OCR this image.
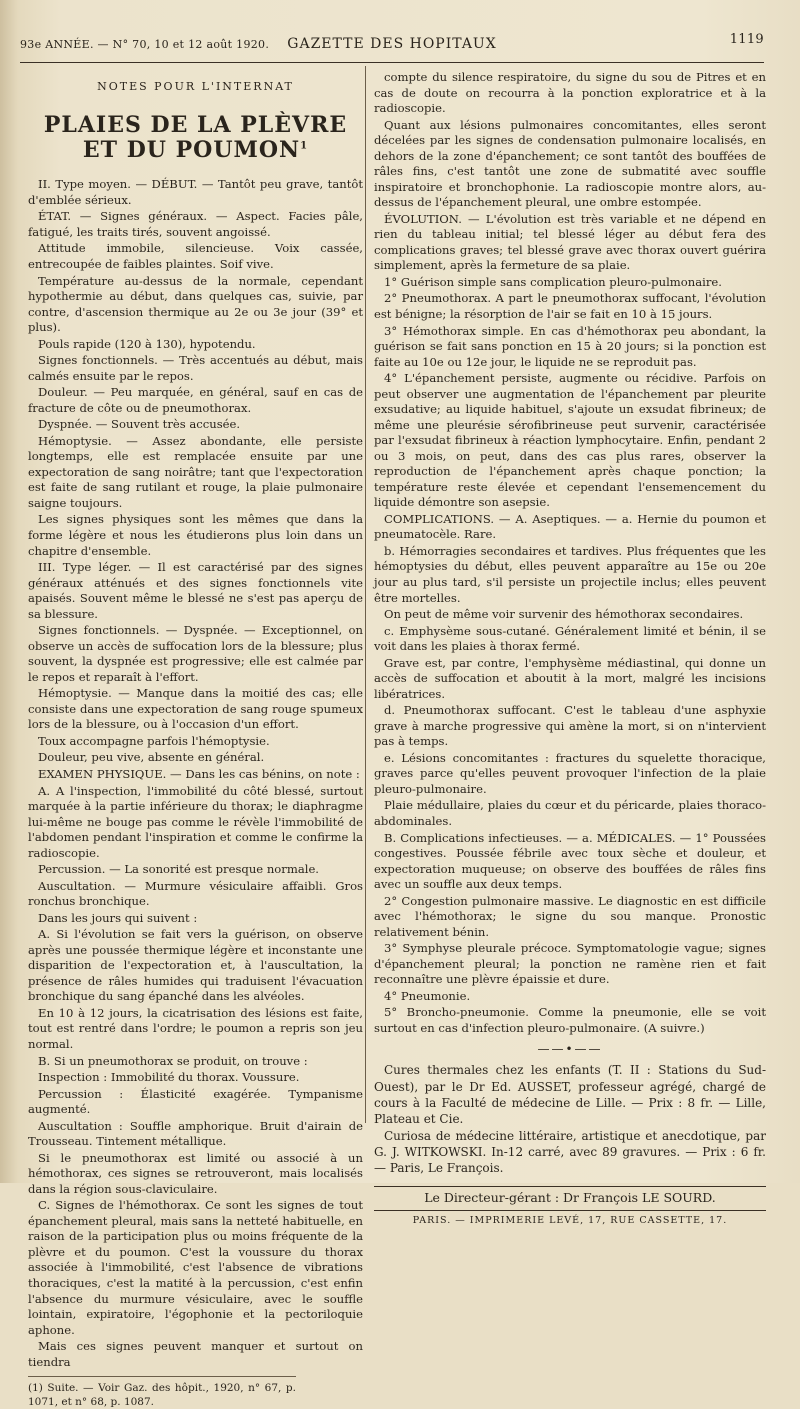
93e ANNÉE. — N° 70, 10 et 12 août 1920.	GAZETTE DES HOPITAUX	1119
NOTES POUR L'INTERNAT
PLAIES DE LA PLÈVRE ET DU POUMON$^1$

II. Type moyen. — DÉBUT. — Tantôt peu grave, tantôt d'emblée sérieux.

ÉTAT. — Signes généraux. — Aspect. Facies pâle, fatigué, les traits tirés, souvent angoissé.

Attitude immobile, silencieuse. Voix cassée, entrecoupée de faibles plaintes. Soif vive.

Température au-dessus de la normale, cependant hypothermie au début, dans quelques cas, suivie, par contre, d'ascension thermique au 2e ou 3e jour (39° et plus).

Pouls rapide (120 à 130), hypotendu.

Signes fonctionnels. — Très accentués au début, mais calmés ensuite par le repos.

Douleur. — Peu marquée, en général, sauf en cas de fracture de côte ou de pneumothorax.

Dyspnée. — Souvent très accusée.

Hémoptysie. — Assez abondante, elle persiste longtemps, elle est remplacée ensuite par une expectoration de sang noirâtre; tant que l'expectoration est faite de sang rutilant et rouge, la plaie pulmonaire saigne toujours.

Les signes physiques sont les mêmes que dans la forme légère et nous les étudierons plus loin dans un chapitre d'ensemble.

III. Type léger. — Il est caractérisé par des signes généraux atténués et des signes fonctionnels vite apaisés. Souvent même le blessé ne s'est pas aperçu de sa blessure.

Signes fonctionnels. — Dyspnée. — Exceptionnel, on observe un accès de suffocation lors de la blessure; plus souvent, la dyspnée est progressive; elle est calmée par le repos et reparaît à l'effort.

Hémoptysie. — Manque dans la moitié des cas; elle consiste dans une expectoration de sang rouge spumeux lors de la blessure, ou à l'occasion d'un effort.

Toux accompagne parfois l'hémoptysie.

Douleur, peu vive, absente en général.

EXAMEN PHYSIQUE. — Dans les cas bénins, on note :

A. A l'inspection, l'immobilité du côté blessé, surtout marquée à la partie inférieure du thorax; le diaphragme lui-même ne bouge pas comme le révèle l'immobilité de l'abdomen pendant l'inspiration et comme le confirme la radioscopie.

Percussion. — La sonorité est presque normale.

Auscultation. — Murmure vésiculaire affaibli. Gros ronchus bronchique.

Dans les jours qui suivent :

A. Si l'évolution se fait vers la guérison, on observe après une poussée thermique légère et inconstante une disparition de l'expectoration et, à l'auscultation, la présence de râles humides qui traduisent l'évacuation bronchique du sang épanché dans les alvéoles.

En 10 à 12 jours, la cicatrisation des lésions est faite, tout est rentré dans l'ordre; le poumon a repris son jeu normal.

B. Si un pneumothorax se produit, on trouve :

Inspection : Immobilité du thorax. Voussure.

Percussion : Élasticité exagérée. Tympanisme augmenté.

Auscultation : Souffle amphorique. Bruit d'airain de Trousseau. Tintement métallique.

Si le pneumothorax est limité ou associé à un hémothorax, ces signes se retrouveront, mais localisés dans la région sous-claviculaire.

C. Signes de l'hémothorax. Ce sont les signes de tout épanchement pleural, mais sans la netteté habituelle, en raison de la participation plus ou moins fréquente de la plèvre et du poumon. C'est la voussure du thorax associée à l'immobilité, c'est l'absence de vibrations thoraciques, c'est la matité à la percussion, c'est enfin l'absence du murmure vésiculaire, avec le souffle lointain, expiratoire, l'égophonie et la pectoriloquie aphone.

Mais ces signes peuvent manquer et surtout on tiendra

(1) Suite. — Voir Gaz. des hôpit., 1920, n° 67, p. 1071, et n° 68, p. 1087.

compte du silence respiratoire, du signe du sou de Pitres et en cas de doute on recourra à la ponction exploratrice et à la radioscopie.

Quant aux lésions pulmonaires concomitantes, elles seront décelées par les signes de condensation pulmonaire localisés, en dehors de la zone d'épanchement; ce sont tantôt des bouffées de râles fins, c'est tantôt une zone de submatité avec souffle inspiratoire et bronchophonie. La radioscopie montre alors, au-dessus de l'épanchement pleural, une ombre estompée.

ÉVOLUTION. — L'évolution est très variable et ne dépend en rien du tableau initial; tel blessé léger au début fera des complications graves; tel blessé grave avec thorax ouvert guérira simplement, après la fermeture de sa plaie.

1° Guérison simple sans complication pleuro-pulmonaire.

2° Pneumothorax. A part le pneumothorax suffocant, l'évolution est bénigne; la résorption de l'air se fait en 10 à 15 jours.

3° Hémothorax simple. En cas d'hémothorax peu abondant, la guérison se fait sans ponction en 15 à 20 jours; si la ponction est faite au 10e ou 12e jour, le liquide ne se reproduit pas.

4° L'épanchement persiste, augmente ou récidive. Parfois on peut observer une augmentation de l'épanchement par pleurite exsudative; au liquide habituel, s'ajoute un exsudat fibrineux; de même une pleurésie sérofibrineuse peut survenir, caractérisée par l'exsudat fibrineux à réaction lymphocytaire. Enfin, pendant 2 ou 3 mois, on peut, dans des cas plus rares, observer la reproduction de l'épanchement après chaque ponction; la température reste élevée et cependant l'ensemencement du liquide démontre son asepsie.

COMPLICATIONS. — A. Aseptiques. — a. Hernie du poumon et pneumatocèle. Rare.

b. Hémorragies secondaires et tardives. Plus fréquentes que les hémoptysies du début, elles peuvent apparaître au 15e ou 20e jour au plus tard, s'il persiste un projectile inclus; elles peuvent être mortelles.

On peut de même voir survenir des hémothorax secondaires.

c. Emphysème sous-cutané. Généralement limité et bénin, il se voit dans les plaies à thorax fermé.

Grave est, par contre, l'emphysème médiastinal, qui donne un accès de suffocation et aboutit à la mort, malgré les incisions libératrices.

d. Pneumothorax suffocant. C'est le tableau d'une asphyxie grave à marche progressive qui amène la mort, si on n'intervient pas à temps.

e. Lésions concomitantes : fractures du squelette thoracique, graves parce qu'elles peuvent provoquer l'infection de la plaie pleuro-pulmonaire.

Plaie médullaire, plaies du cœur et du péricarde, plaies thoraco-abdominales.

B. Complications infectieuses. — a. MÉDICALES. — 1° Poussées congestives. Poussée fébrile avec toux sèche et douleur, et expectoration muqueuse; on observe des bouffées de râles fins avec un souffle aux deux temps.

2° Congestion pulmonaire massive. Le diagnostic en est difficile avec l'hémothorax; le signe du sou manque. Pronostic relativement bénin.

3° Symphyse pleurale précoce. Symptomatologie vague; signes d'épanchement pleural; la ponction ne ramène rien et fait reconnaître une plèvre épaissie et dure.

4° Pneumonie.

5° Broncho-pneumonie. Comme la pneumonie, elle se voit surtout en cas d'infection pleuro-pulmonaire. (A suivre.)

——•——

Cures thermales chez les enfants (T. II : Stations du Sud-Ouest), par le Dr Ed. AUSSET, professeur agrégé, chargé de cours à la Faculté de médecine de Lille. — Prix : 8 fr. — Lille, Plateau et Cie.

Curiosa de médecine littéraire, artistique et anecdotique, par G. J. WITKOWSKI. In-12 carré, avec 89 gravures. — Prix : 6 fr. — Paris, Le François.

Le Directeur-gérant : Dr François LE SOURD.
PARIS. — IMPRIMERIE LEVÉ, 17, RUE CASSETTE, 17.
